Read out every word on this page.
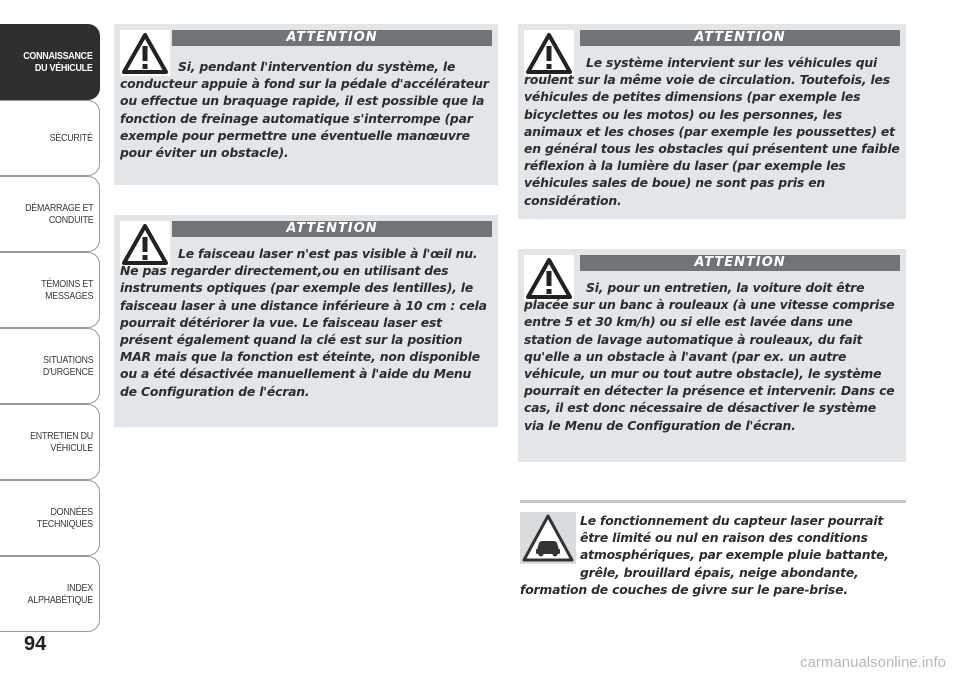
CONNAISSANCE
DU VÉHICULE
SÉCURITÉ
DÉMARRAGE ET
CONDUITE
TÉMOINS ET
MESSAGES
SITUATIONS
D'URGENCE
ENTRETIEN DU
VÉHICULE
DONNÉES
TECHNIQUES
INDEX
ALPHABÉTIQUE
94
ATTENTION
Si, pendant l'intervention du système, le conducteur appuie à fond sur la pédale d'accélérateur ou effectue un braquage rapide, il est possible que la fonction de freinage automatique s'interrompe (par exemple pour permettre une éventuelle manœuvre pour éviter un obstacle).
ATTENTION
Le faisceau laser n'est pas visible à l'œil nu. Ne pas regarder directement,ou en utilisant des instruments optiques (par exemple des lentilles), le faisceau laser à une distance inférieure à 10 cm : cela pourrait détériorer la vue. Le faisceau laser est présent également quand la clé est sur la position MAR mais que la fonction est éteinte, non disponible ou a été désactivée manuellement à l'aide du Menu de Configuration de l'écran.
ATTENTION
Le système intervient sur les véhicules qui roulent sur la même voie de circulation. Toutefois, les véhicules de petites dimensions (par exemple les bicyclettes ou les motos) ou les personnes, les animaux et les choses (par exemple les poussettes) et en général tous les obstacles qui présentent une faible réflexion à la lumière du laser (par exemple les véhicules sales de boue) ne sont pas pris en considération.
ATTENTION
Si, pour un entretien, la voiture doit être placée sur un banc à rouleaux (à une vitesse comprise entre 5 et 30 km/h) ou si elle est lavée dans une station de lavage automatique à rouleaux, du fait qu'elle a un obstacle à l'avant (par ex. un autre véhicule, un mur ou tout autre obstacle), le système pourrait en détecter la présence et intervenir. Dans ce cas, il est donc nécessaire de désactiver le système via le Menu de Configuration de l'écran.
Le fonctionnement du capteur laser pourrait être limité ou nul en raison des conditions atmosphériques, par exemple pluie battante, grêle, brouillard épais, neige abondante, formation de couches de givre sur le pare-brise.
carmanualsonline.info
